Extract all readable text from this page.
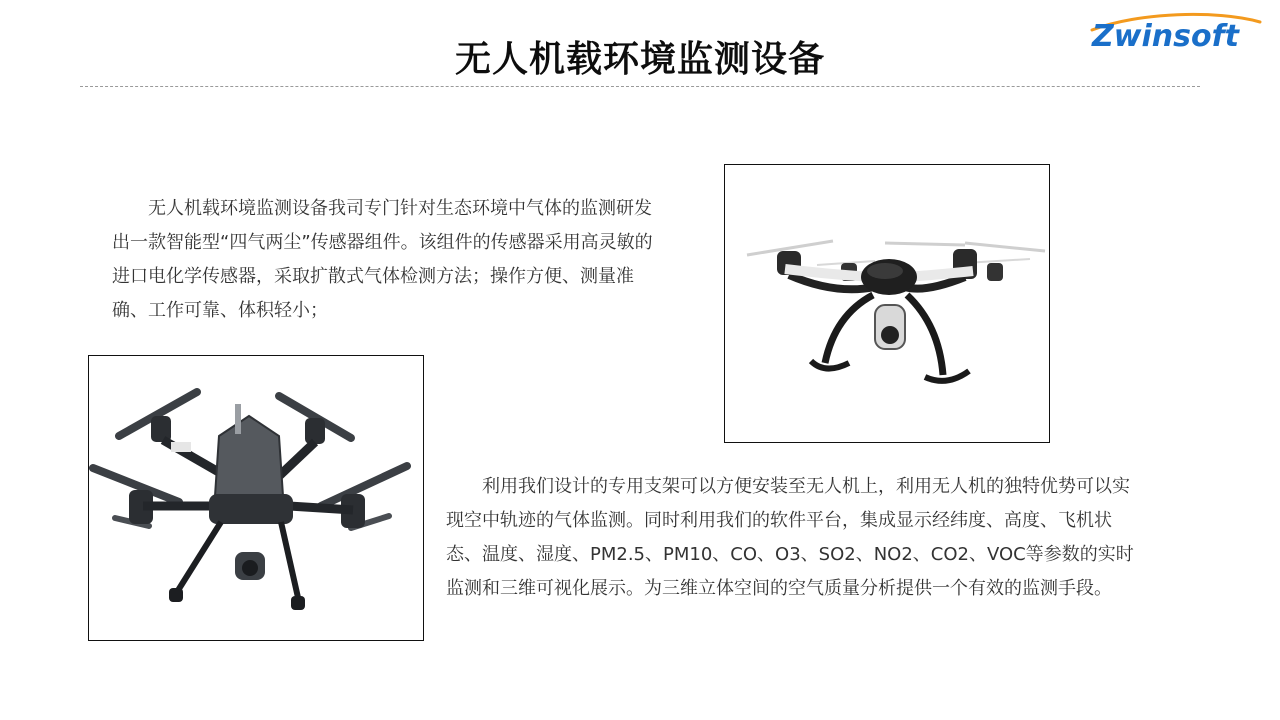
Zwinsoft
无人机载环境监测设备
无人机载环境监测设备我司专门针对生态环境中气体的监测研发出一款智能型“四气两尘”传感器组件。该组件的传感器采用高灵敏的进口电化学传感器，采取扩散式气体检测方法；操作方便、测量准确、工作可靠、体积轻小；
利用我们设计的专用支架可以方便安装至无人机上，利用无人机的独特优势可以实现空中轨迹的气体监测。同时利用我们的软件平台，集成显示经纬度、高度、飞机状态、温度、湿度、PM2.5、PM10、CO、O3、SO2、NO2、CO2、VOC等参数的实时监测和三维可视化展示。为三维立体空间的空气质量分析提供一个有效的监测手段。
